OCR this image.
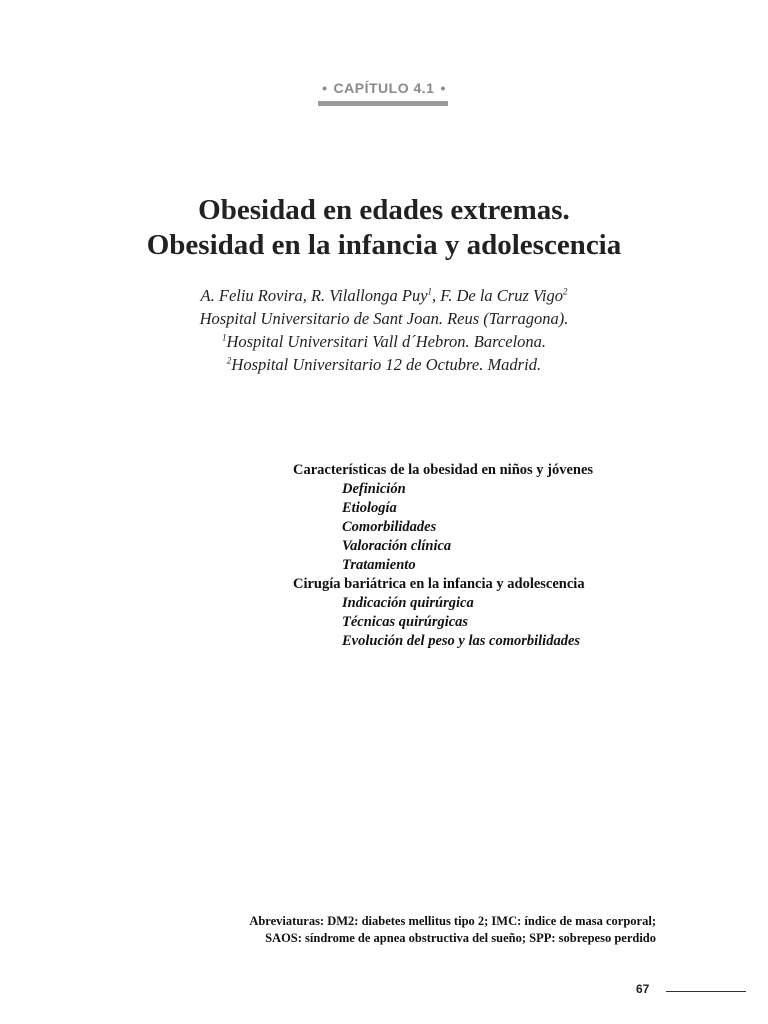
• CAPÍTULO 4.1 •
Obesidad en edades extremas.
Obesidad en la infancia y adolescencia
A. Feliu Rovira, R. Vilallonga Puy$^1$, F. De la Cruz Vigo$^2$
Hospital Universitario de Sant Joan. Reus (Tarragona).
$^1$Hospital Universitari Vall d´Hebron. Barcelona.
$^2$Hospital Universitario 12 de Octubre. Madrid.
Características de la obesidad en niños y jóvenes
Definición
Etiología
Comorbilidades
Valoración clínica
Tratamiento
Cirugía bariátrica en la infancia y adolescencia
Indicación quirúrgica
Técnicas quirúrgicas
Evolución del peso y las comorbilidades
Abreviaturas: DM2: diabetes mellitus tipo 2; IMC: índice de masa corporal;
SAOS: síndrome de apnea obstructiva del sueño; SPP: sobrepeso perdido
67
